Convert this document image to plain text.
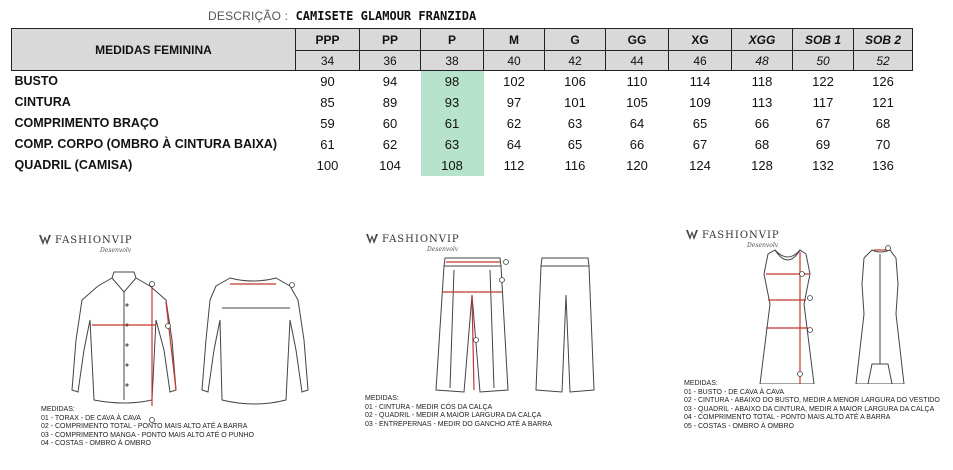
DESCRIÇÃO : CAMISETE GLAMOUR FRANZIDA
MEDIDAS FEMININA	PPP	PP	P	M	G	GG	XG	XGG	SOB 1	SOB 2
	34	36	38	40	42	44	46	48	50	52
BUSTO	90	94	98	102	106	110	114	118	122	126
CINTURA	85	89	93	97	101	105	109	113	117	121
COMPRIMENTO BRAÇO	59	60	61	62	63	64	65	66	67	68
COMP. CORPO (OMBRO À CINTURA BAIXA)	61	62	63	64	65	66	67	68	69	70
QUADRIL (CAMISA)	100	104	108	112	116	120	124	128	132	136
FASHIONVIP
Desenvolv
MEDIDAS:
01 - TORAX - DE CAVA À CAVA
02 - COMPRIMENTO TOTAL - PONTO MAIS ALTO ATÉ A BARRA
03 - COMPRIMENTO MANGA - PONTO MAIS ALTO ATÉ O PUNHO
04 - COSTAS - OMBRO À OMBRO
FASHIONVIP
Desenvolv
MEDIDAS:
01 - CINTURA - MEDIR CÓS DA CALÇA
02 - QUADRIL - MEDIR A MAIOR LARGURA DA CALÇA
03 - ENTREPERNAS - MEDIR DO GANCHO ATÉ A BARRA
FASHIONVIP
Desenvolv
MEDIDAS:
01 - BUSTO - DE CAVA À CAVA
02 - CINTURA - ABAIXO DO BUSTO, MEDIR A MENOR LARGURA DO VESTIDO
03 - QUADRIL - ABAIXO DA CINTURA, MEDIR A MAIOR LARGURA DA CALÇA
04 - COMPRIMENTO TOTAL - PONTO MAIS ALTO ATÉ A BARRA
05 - COSTAS - OMBRO À OMBRO
